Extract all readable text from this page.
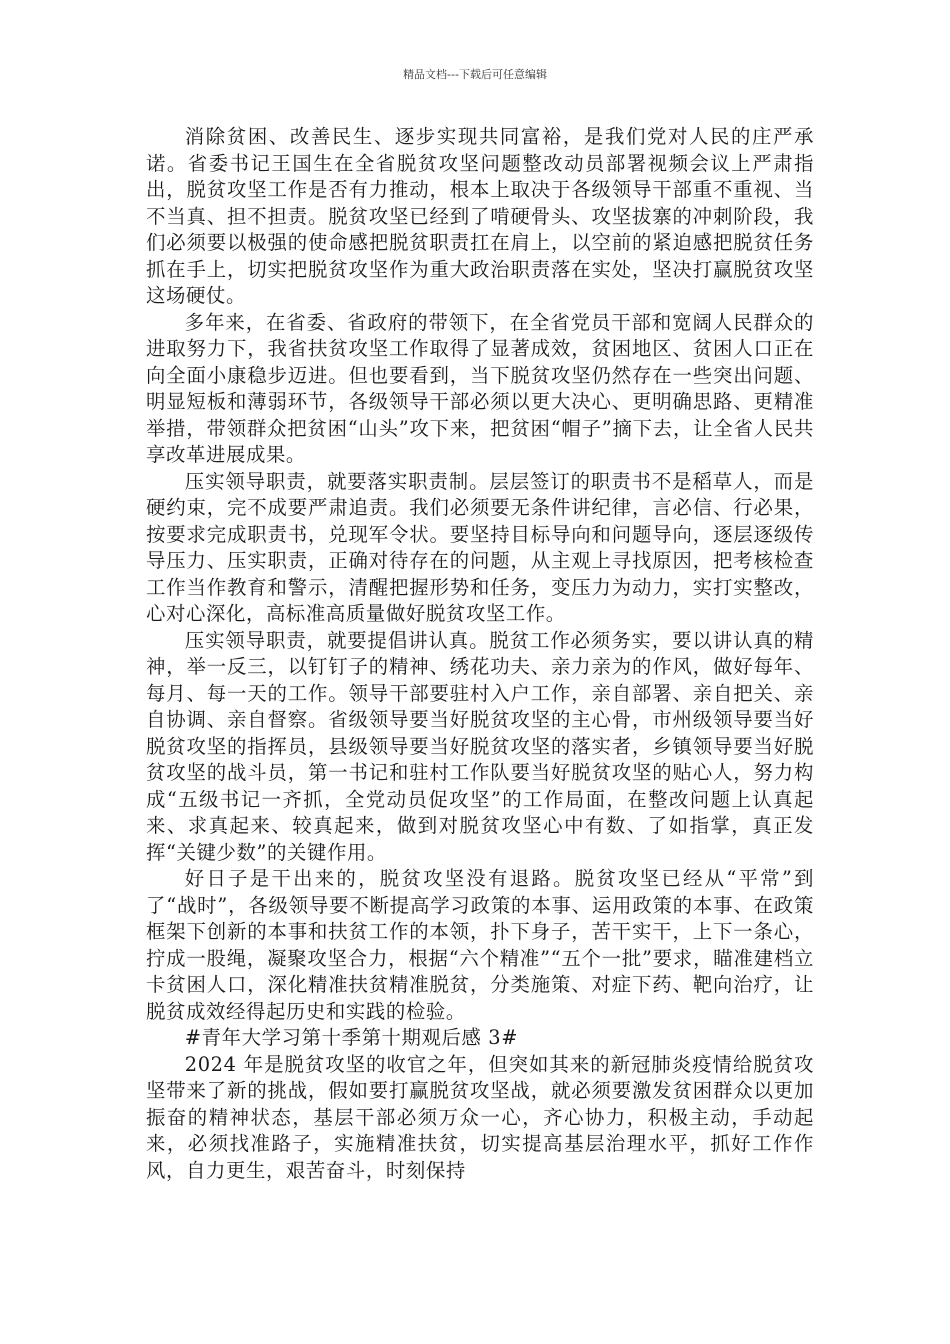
精品文档---下载后可任意编辑

消除贫困、改善民生、逐步实现共同富裕，是我们党对人民的庄严承诺。省委书记王国生在全省脱贫攻坚问题整改动员部署视频会议上严肃指出，脱贫攻坚工作是否有力推动，根本上取决于各级领导干部重不重视、当不当真、担不担责。脱贫攻坚已经到了啃硬骨头、攻坚拔寨的冲刺阶段，我们必须要以极强的使命感把脱贫职责扛在肩上，以空前的紧迫感把脱贫任务抓在手上，切实把脱贫攻坚作为重大政治职责落在实处，坚决打赢脱贫攻坚这场硬仗。

多年来，在省委、省政府的带领下，在全省党员干部和宽阔人民群众的进取努力下，我省扶贫攻坚工作取得了显著成效，贫困地区、贫困人口正在向全面小康稳步迈进。但也要看到，当下脱贫攻坚仍然存在一些突出问题、明显短板和薄弱环节，各级领导干部必须以更大决心、更明确思路、更精准举措，带领群众把贫困“山头”攻下来，把贫困“帽子”摘下去，让全省人民共享改革进展成果。

压实领导职责，就要落实职责制。层层签订的职责书不是稻草人，而是硬约束，完不成要严肃追责。我们必须要无条件讲纪律，言必信、行必果，按要求完成职责书，兑现军令状。要坚持目标导向和问题导向，逐层逐级传导压力、压实职责，正确对待存在的问题，从主观上寻找原因，把考核检查工作当作教育和警示，清醒把握形势和任务，变压力为动力，实打实整改，心对心深化，高标准高质量做好脱贫攻坚工作。

压实领导职责，就要提倡讲认真。脱贫工作必须务实，要以讲认真的精神，举一反三，以钉钉子的精神、绣花功夫、亲力亲为的作风，做好每年、每月、每一天的工作。领导干部要驻村入户工作，亲自部署、亲自把关、亲自协调、亲自督察。省级领导要当好脱贫攻坚的主心骨，市州级领导要当好脱贫攻坚的指挥员，县级领导要当好脱贫攻坚的落实者，乡镇领导要当好脱贫攻坚的战斗员，第一书记和驻村工作队要当好脱贫攻坚的贴心人，努力构成“五级书记一齐抓，全党动员促攻坚”的工作局面，在整改问题上认真起来、求真起来、较真起来，做到对脱贫攻坚心中有数、了如指掌，真正发挥“关键少数”的关键作用。

好日子是干出来的，脱贫攻坚没有退路。脱贫攻坚已经从“平常”到了“战时”，各级领导要不断提高学习政策的本事、运用政策的本事、在政策框架下创新的本事和扶贫工作的本领，扑下身子，苦干实干，上下一条心，拧成一股绳，凝聚攻坚合力，根据“六个精准”“五个一批”要求，瞄准建档立卡贫困人口，深化精准扶贫精准脱贫，分类施策、对症下药、靶向治疗，让脱贫成效经得起历史和实践的检验。

#青年大学习第十季第十期观后感 3#

2024 年是脱贫攻坚的收官之年，但突如其来的新冠肺炎疫情给脱贫攻坚带来了新的挑战，假如要打赢脱贫攻坚战，就必须要激发贫困群众以更加振奋的精神状态，基层干部必须万众一心，齐心协力，积极主动，手动起来，必须找准路子，实施精准扶贫，切实提高基层治理水平，抓好工作作风，自力更生，艰苦奋斗，时刻保持
